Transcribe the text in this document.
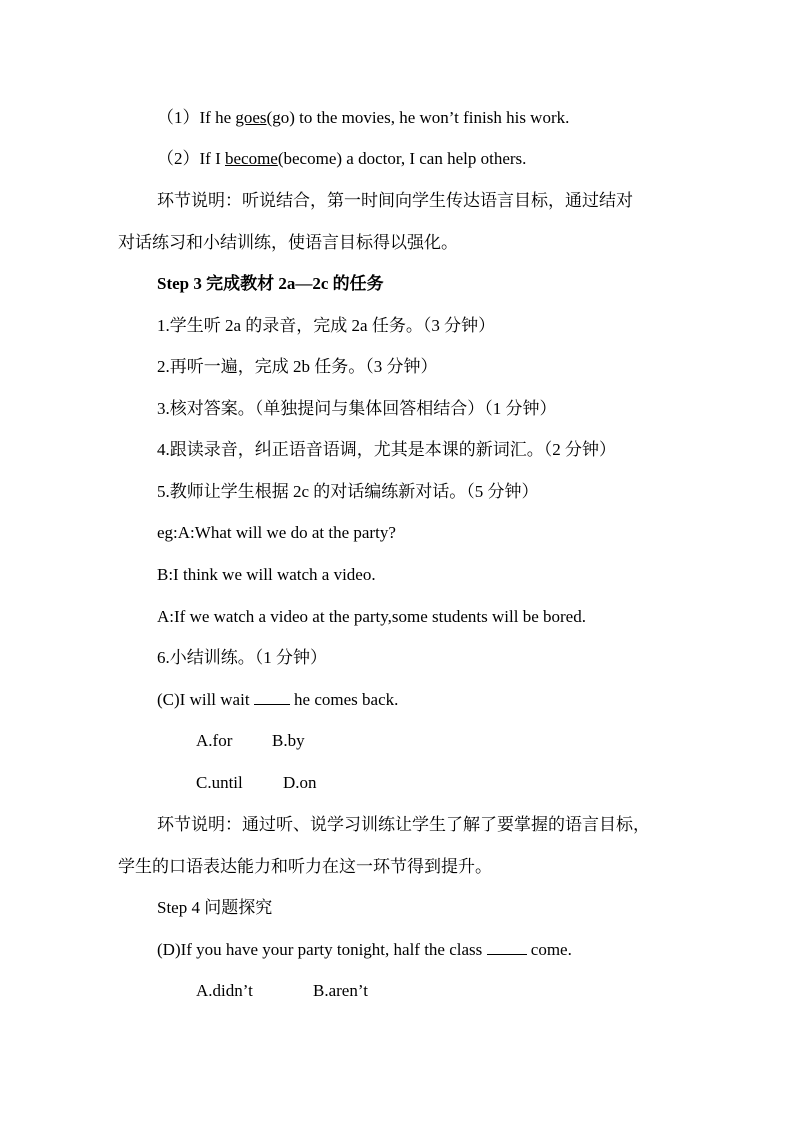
（1）If he goes(go) to the movies, he won’t finish his work.
（2）If I become(become) a doctor, I can help others.
环节说明：听说结合，第一时间向学生传达语言目标，通过结对
对话练习和小结训练，使语言目标得以强化。
Step 3 完成教材 2a—2c 的任务
1.学生听 2a 的录音，完成 2a 任务。（3 分钟）
2.再听一遍，完成 2b 任务。（3 分钟）
3.核对答案。（单独提问与集体回答相结合）（1 分钟）
4.跟读录音，纠正语音语调，尤其是本课的新词汇。（2 分钟）
5.教师让学生根据 2c 的对话编练新对话。（5 分钟）
eg:A:What will we do at the party?
B:I think we will watch a video.
A:If we watch a video at the party,some students will be bored.
6.小结训练。（1 分钟）
(C)I will wait  he comes back.
A.for B.by
C.until D.on
环节说明：通过听、说学习训练让学生了解了要掌握的语言目标，
学生的口语表达能力和听力在这一环节得到提升。
Step 4 问题探究
(D)If you have your party tonight, half the class  come.
A.didn’t	B.aren’t
